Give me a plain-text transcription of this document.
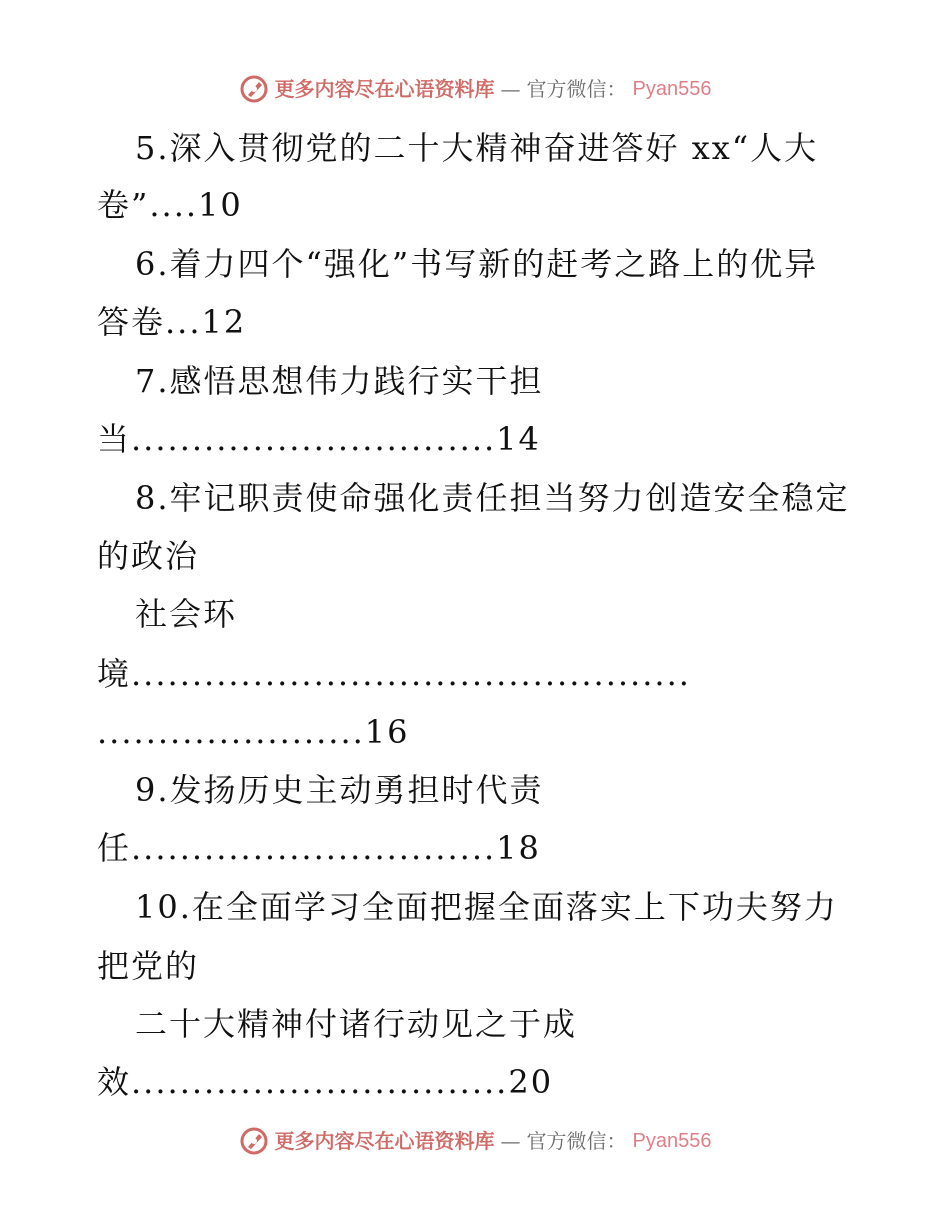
更多内容尽在心语资料库 — 官方微信： Pyan556
5.深入贯彻党的二十大精神奋进答好 xx“人大
卷”....10
6.着力四个“强化”书写新的赶考之路上的优异
答卷...12
7.感悟思想伟力践行实干担
当..............................14
8.牢记职责使命强化责任担当努力创造安全稳定
的政治
社会环
境..............................................
......................16
9.发扬历史主动勇担时代责
任..............................18
10.在全面学习全面把握全面落实上下功夫努力
把党的
二十大精神付诸行动见之于成
效...............................20
更多内容尽在心语资料库 — 官方微信： Pyan556
